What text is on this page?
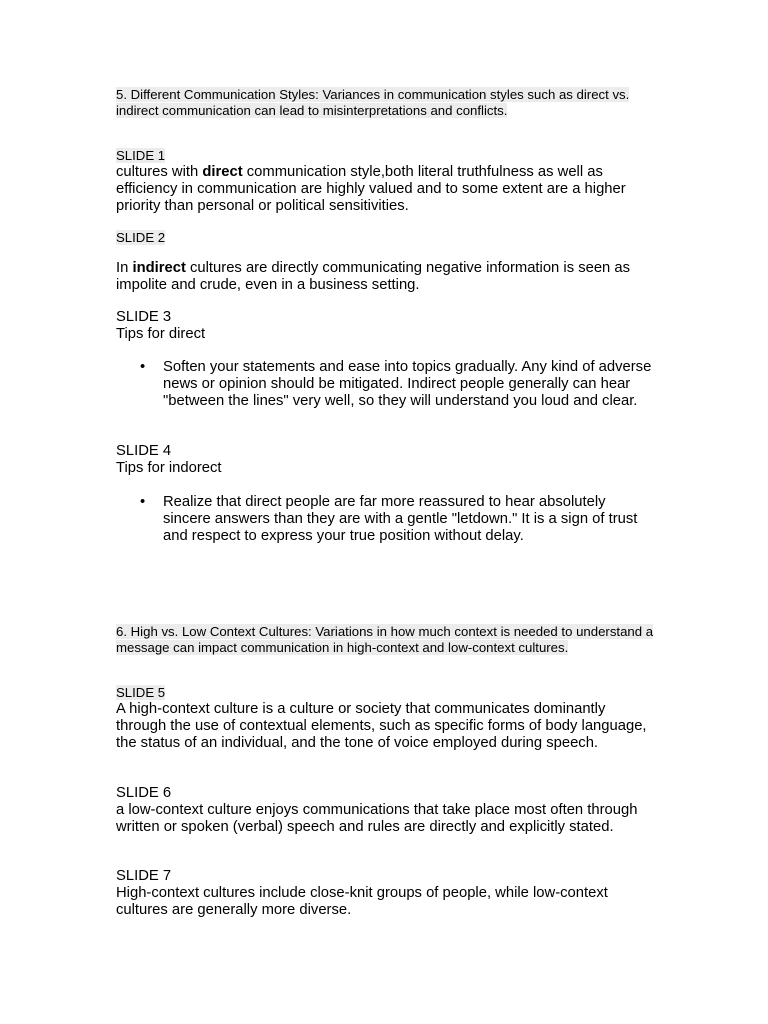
5. Different Communication Styles: Variances in communication styles such as direct vs. indirect communication can lead to misinterpretations and conflicts.
SLIDE 1

cultures with direct communication style,both literal truthfulness as well as efficiency in communication are highly valued and to some extent are a higher priority than personal or political sensitivities.

SLIDE 2

In indirect cultures are directly communicating negative information is seen as impolite and crude, even in a business setting.

SLIDE 3
Tips for direct
• Soften your statements and ease into topics gradually. Any kind of adverse news or opinion should be mitigated. Indirect people generally can hear "between the lines" very well, so they will understand you loud and clear.
SLIDE 4
Tips for indorect
• Realize that direct people are far more reassured to hear absolutely sincere answers than they are with a gentle "letdown." It is a sign of trust and respect to express your true position without delay.
6. High vs. Low Context Cultures: Variations in how much context is needed to understand a message can impact communication in high-context and low-context cultures.
SLIDE 5
A high-context culture is a culture or society that communicates dominantly through the use of contextual elements, such as specific forms of body language, the status of an individual, and the tone of voice employed during speech.
SLIDE 6
a low-context culture enjoys communications that take place most often through written or spoken (verbal) speech and rules are directly and explicitly stated.
SLIDE 7
High-context cultures include close-knit groups of people, while low-context cultures are generally more diverse.
